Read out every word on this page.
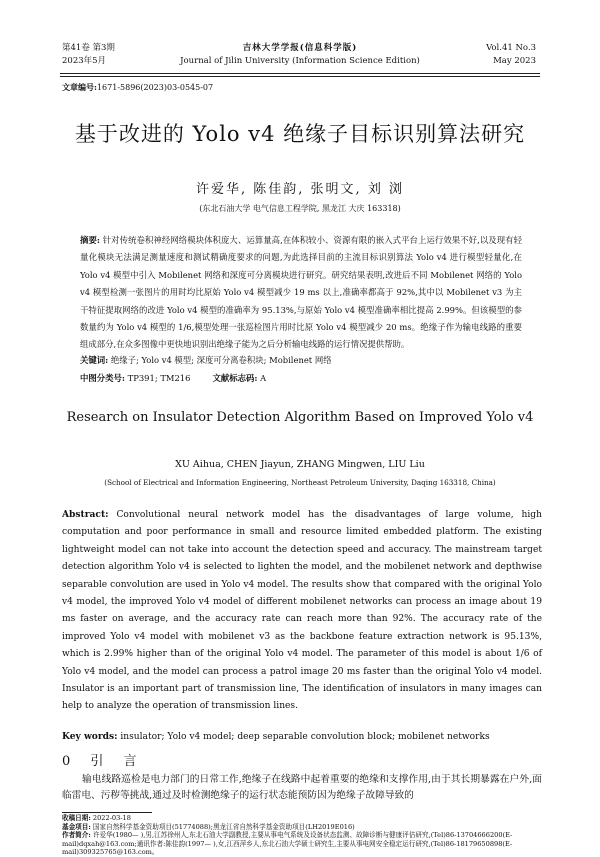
第41卷 第3期
2023年5月
吉林大学学报(信息科学版)
Journal of Jilin University (Information Science Edition)
Vol.41 No.3
May 2023
文章编号:1671-5896(2023)03-0545-07
基于改进的 Yolo v4 绝缘子目标识别算法研究
许爱华, 陈佳韵, 张明文, 刘 浏
(东北石油大学 电气信息工程学院, 黑龙江 大庆 163318)
摘要: 针对传统卷积神经网络模块体积庞大、运算量高,在体积较小、资源有限的嵌入式平台上运行效果不好,以及现有轻量化模块无法满足测量速度和测试精确度要求的问题,为此选择目前的主流目标识别算法 Yolo v4 进行模型轻量化,在 Yolo v4 模型中引入 Mobilenet 网络和深度可分离模块进行研究。研究结果表明,改进后不同 Mobilenet 网络的 Yolo v4 模型检测一张图片的用时均比原始 Yolo v4 模型减少 19 ms 以上,准确率都高于 92%,其中以 Mobilenet v3 为主干特征提取网络的改进 Yolo v4 模型的准确率为 95.13%,与原始 Yolo v4 模型准确率相比提高 2.99%。但该模型的参数量约为 Yolo v4 模型的 1/6,模型处理一张巡检图片用时比原 Yolo v4 模型减少 20 ms。绝缘子作为输电线路的重要组成部分,在众多图像中更快地识别出绝缘子能为之后分析输电线路的运行情况提供帮助。
关键词: 绝缘子; Yolo v4 模型; 深度可分离卷积块; Mobilenet 网络
中图分类号: TP391; TM216	文献标志码: A
Research on Insulator Detection Algorithm Based on Improved Yolo v4
XU Aihua, CHEN Jiayun, ZHANG Mingwen, LIU Liu
(School of Electrical and Information Engineering, Northeast Petroleum University, Daqing 163318, China)
Abstract: Convolutional neural network model has the disadvantages of large volume, high computation and poor performance in small and resource limited embedded platform. The existing lightweight model can not take into account the detection speed and accuracy. The mainstream target detection algorithm Yolo v4 is selected to lighten the model, and the mobilenet network and depthwise separable convolution are used in Yolo v4 model. The results show that compared with the original Yolo v4 model, the improved Yolo v4 model of different mobilenet networks can process an image about 19 ms faster on average, and the accuracy rate can reach more than 92%. The accuracy rate of the improved Yolo v4 model with mobilenet v3 as the backbone feature extraction network is 95.13%, which is 2.99% higher than of the original Yolo v4 model. The parameter of this model is about 1/6 of Yolo v4 model, and the model can process a patrol image 20 ms faster than the original Yolo v4 model. Insulator is an important part of transmission line, The identification of insulators in many images can help to analyze the operation of transmission lines.
Key words: insulator; Yolo v4 model; deep separable convolution block; mobilenet networks
0 引 言
输电线路巡检是电力部门的日常工作,绝缘子在线路中起着重要的绝缘和支撑作用,由于其长期暴露在户外,面临雷电、污秽等挑战,通过及时检测绝缘子的运行状态能预防因为绝缘子故障导致的
收稿日期: 2022-03-18
基金项目: 国家自然科学基金资助项目(51774088);黑龙江省自然科学基金资助项目(LH2019E016)
作者简介: 许爱华(1980— ),男,江苏徐州人,东北石油大学副教授,主要从事电气系统及设备状态监测、故障诊断与健康评估研究,(Tel)86-13704666200(E-mail)dqxah@163.com;通讯作者:陈佳韵(1997— ),女,江西萍乡人,东北石油大学硕士研究生,主要从事电网安全稳定运行研究,(Tel)86-18179650898(E-mail)309325765@163.com。
